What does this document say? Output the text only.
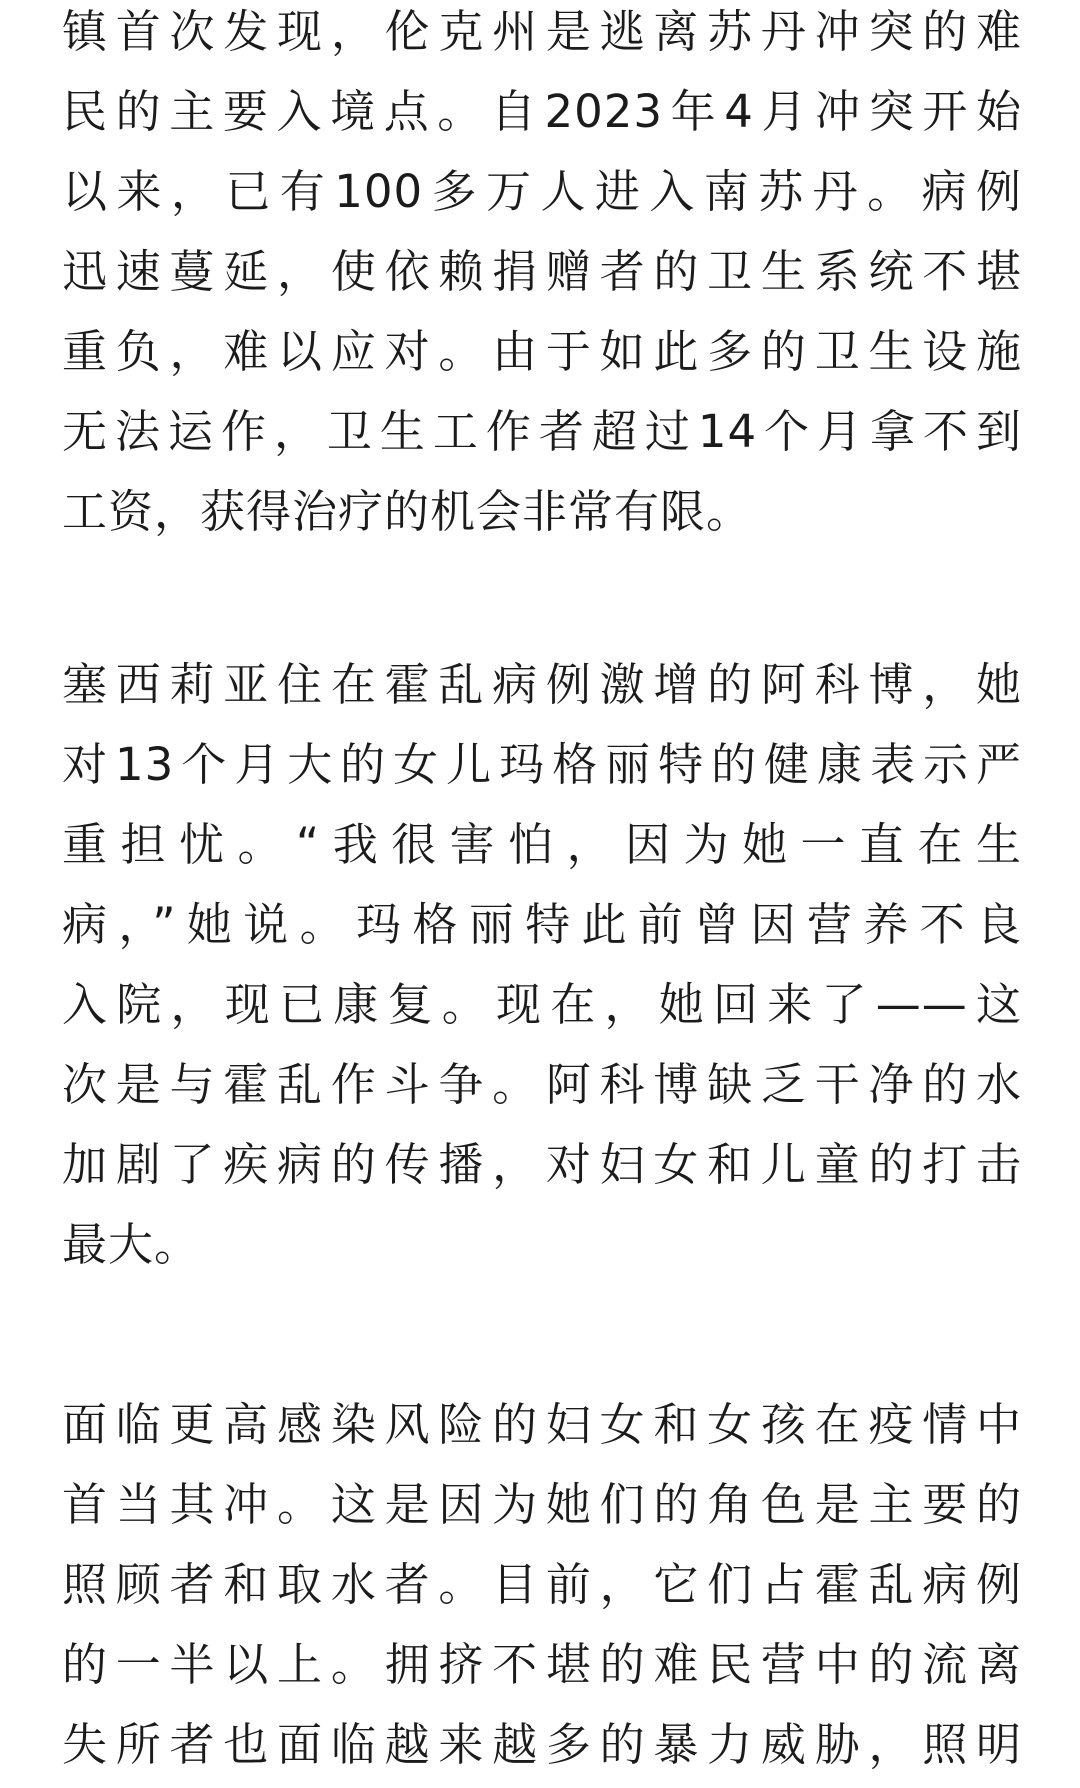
镇首次发现，伦克州是逃离苏丹冲突的难
民的主要入境点。自2023年4月冲突开始
以来，已有100多万人进入南苏丹。病例
迅速蔓延，使依赖捐赠者的卫生系统不堪
重负，难以应对。由于如此多的卫生设施
无法运作，卫生工作者超过14个月拿不到
工资，获得治疗的机会非常有限。
塞西莉亚住在霍乱病例激增的阿科博，她
对13个月大的女儿玛格丽特的健康表示严
重担忧。“我很害怕，因为她一直在生
病，”她说。玛格丽特此前曾因营养不良
入院，现已康复。现在，她回来了——这
次是与霍乱作斗争。阿科博缺乏干净的水
加剧了疾病的传播，对妇女和儿童的打击
最大。
面临更高感染风险的妇女和女孩在疫情中
首当其冲。这是因为她们的角色是主要的
照顾者和取水者。目前，它们占霍乱病例
的一半以上。拥挤不堪的难民营中的流离
失所者也面临越来越多的暴力威胁，照明
